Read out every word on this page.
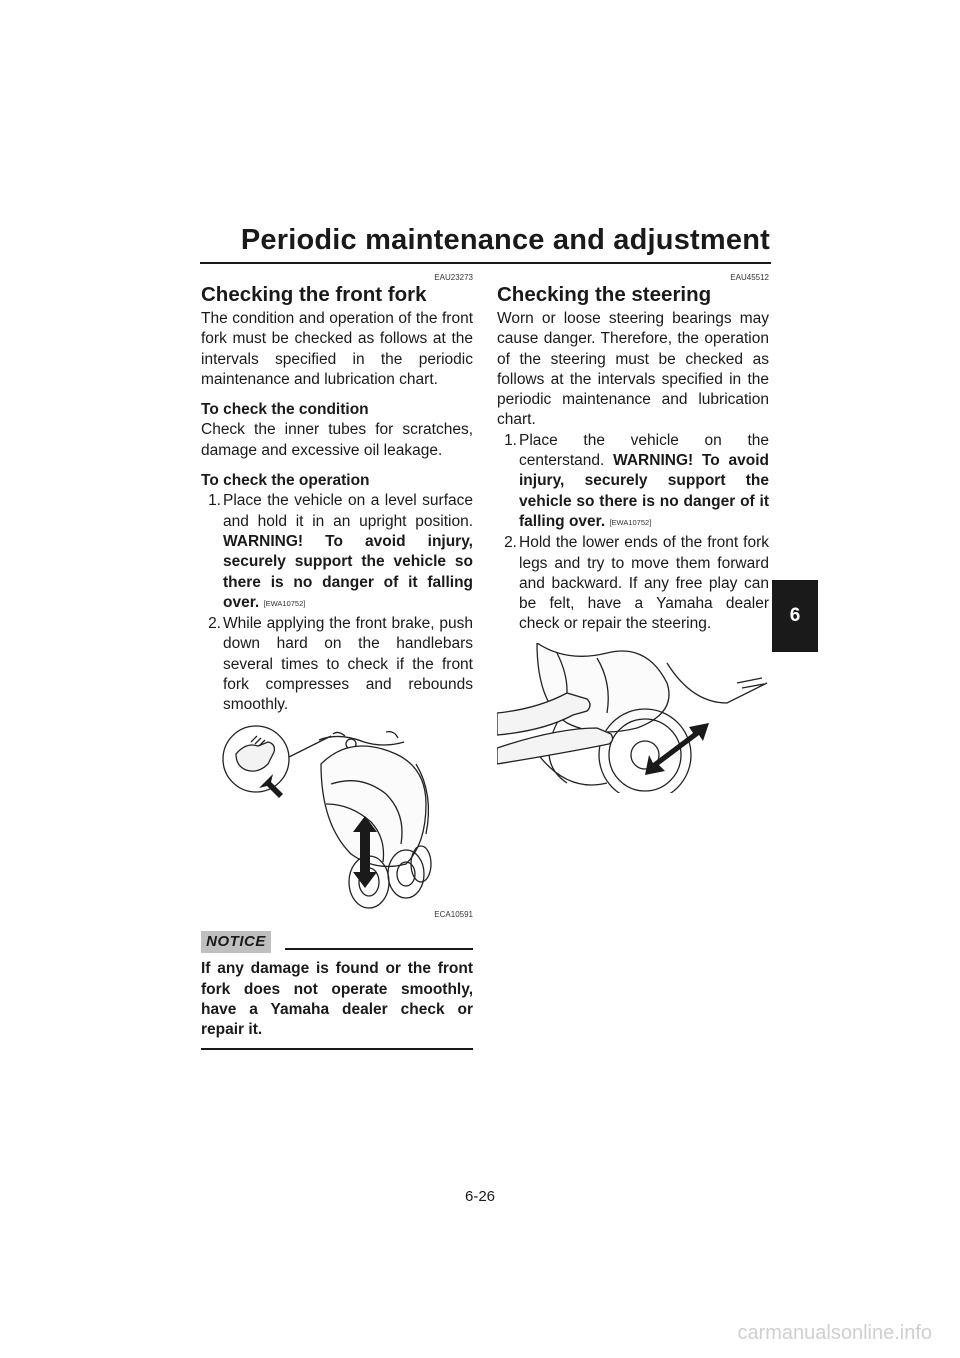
Periodic maintenance and adjustment
6
EAU23273
Checking the front fork

The condition and operation of the front fork must be checked as follows at the intervals specified in the periodic maintenance and lubrication chart.

To check the condition

Check the inner tubes for scratches, damage and excessive oil leakage.

To check the operation
1. Place the vehicle on a level surface and hold it in an upright position. WARNING! To avoid injury, securely support the vehicle so there is no danger of it falling over. [EWA10752]
2. While applying the front brake, push down hard on the handlebars several times to check if the front fork compresses and rebounds smoothly.
ECA10591
NOTICE
If any damage is found or the front fork does not operate smoothly, have a Yamaha dealer check or repair it.
EAU45512
Checking the steering

Worn or loose steering bearings may cause danger. Therefore, the operation of the steering must be checked as follows at the intervals specified in the periodic maintenance and lubrication chart.

1. Place the vehicle on the centerstand. WARNING! To avoid injury, securely support the vehicle so there is no danger of it falling over. [EWA10752]
2. Hold the lower ends of the front fork legs and try to move them forward and backward. If any free play can be felt, have a Yamaha dealer check or repair the steering.
6-26
carmanualsonline.info
